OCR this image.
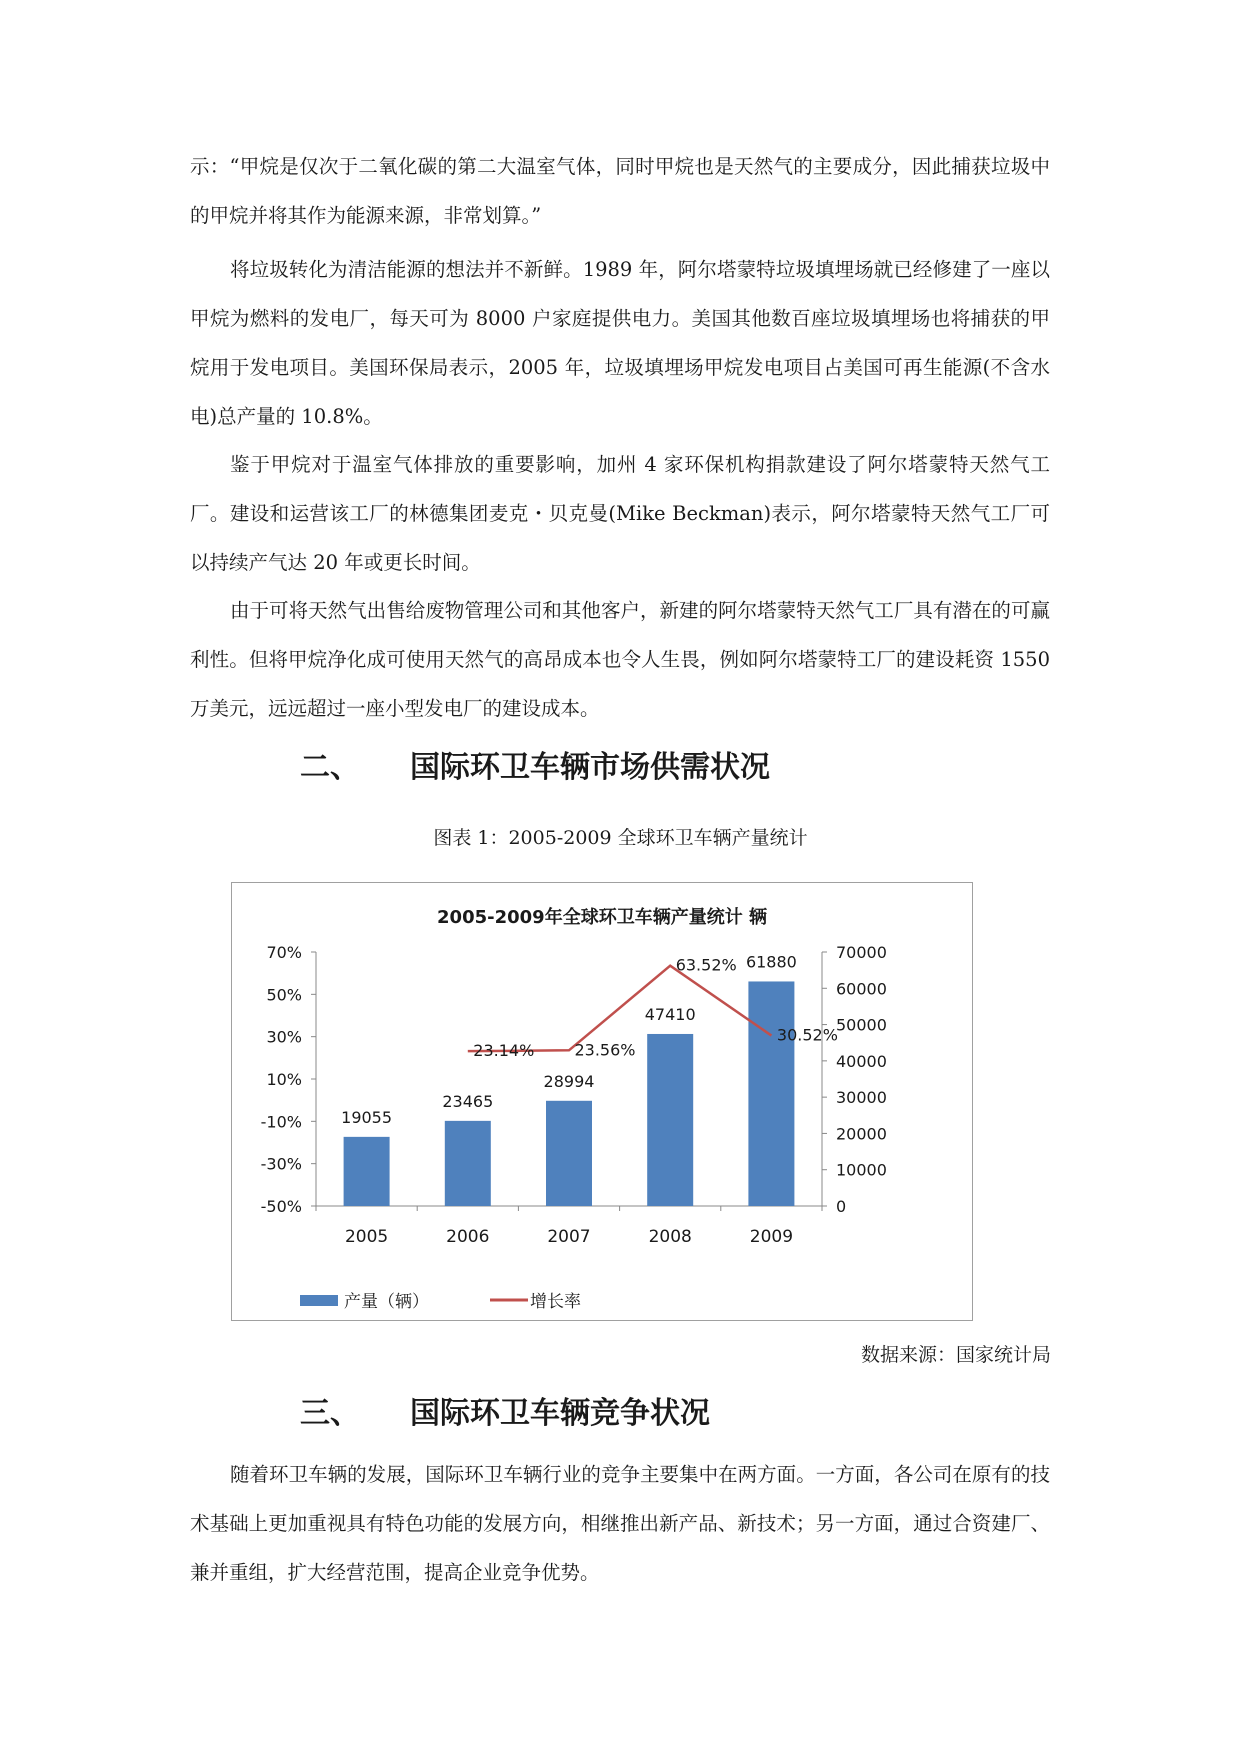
示：“甲烷是仅次于二氧化碳的第二大温室气体，同时甲烷也是天然气的主要成分，因此捕获垃圾中的甲烷并将其作为能源来源，非常划算。”

将垃圾转化为清洁能源的想法并不新鲜。1989 年，阿尔塔蒙特垃圾填埋场就已经修建了一座以甲烷为燃料的发电厂，每天可为 8000 户家庭提供电力。美国其他数百座垃圾填埋场也将捕获的甲烷用于发电项目。美国环保局表示，2005 年，垃圾填埋场甲烷发电项目占美国可再生能源(不含水电)总产量的 10.8%。

鉴于甲烷对于温室气体排放的重要影响，加州 4 家环保机构捐款建设了阿尔塔蒙特天然气工厂。建设和运营该工厂的林德集团麦克・贝克曼(Mike Beckman)表示，阿尔塔蒙特天然气工厂可以持续产气达 20 年或更长时间。

由于可将天然气出售给废物管理公司和其他客户，新建的阿尔塔蒙特天然气工厂具有潜在的可赢利性。但将甲烷净化成可使用天然气的高昂成本也令人生畏，例如阿尔塔蒙特工厂的建设耗资 1550 万美元，远远超过一座小型发电厂的建设成本。

二、 国际环卫车辆市场供需状况

图表 1：2005-2009 全球环卫车辆产量统计

2005-2009年全球环卫车辆产量统计 辆
70%
50%
30%
10%
-10%
-30%
-50%
70000
60000
50000
40000
30000
20000
10000
0
2005	2006	2007	2008	2009
19055
23465
28994
47410
61880
23.14%	23.56%
63.52%
30.52%
产量（辆）	增长率

数据来源：国家统计局

三、 国际环卫车辆竞争状况

随着环卫车辆的发展，国际环卫车辆行业的竞争主要集中在两方面。一方面，各公司在原有的技术基础上更加重视具有特色功能的发展方向，相继推出新产品、新技术；另一方面，通过合资建厂、兼并重组，扩大经营范围，提高企业竞争优势。
